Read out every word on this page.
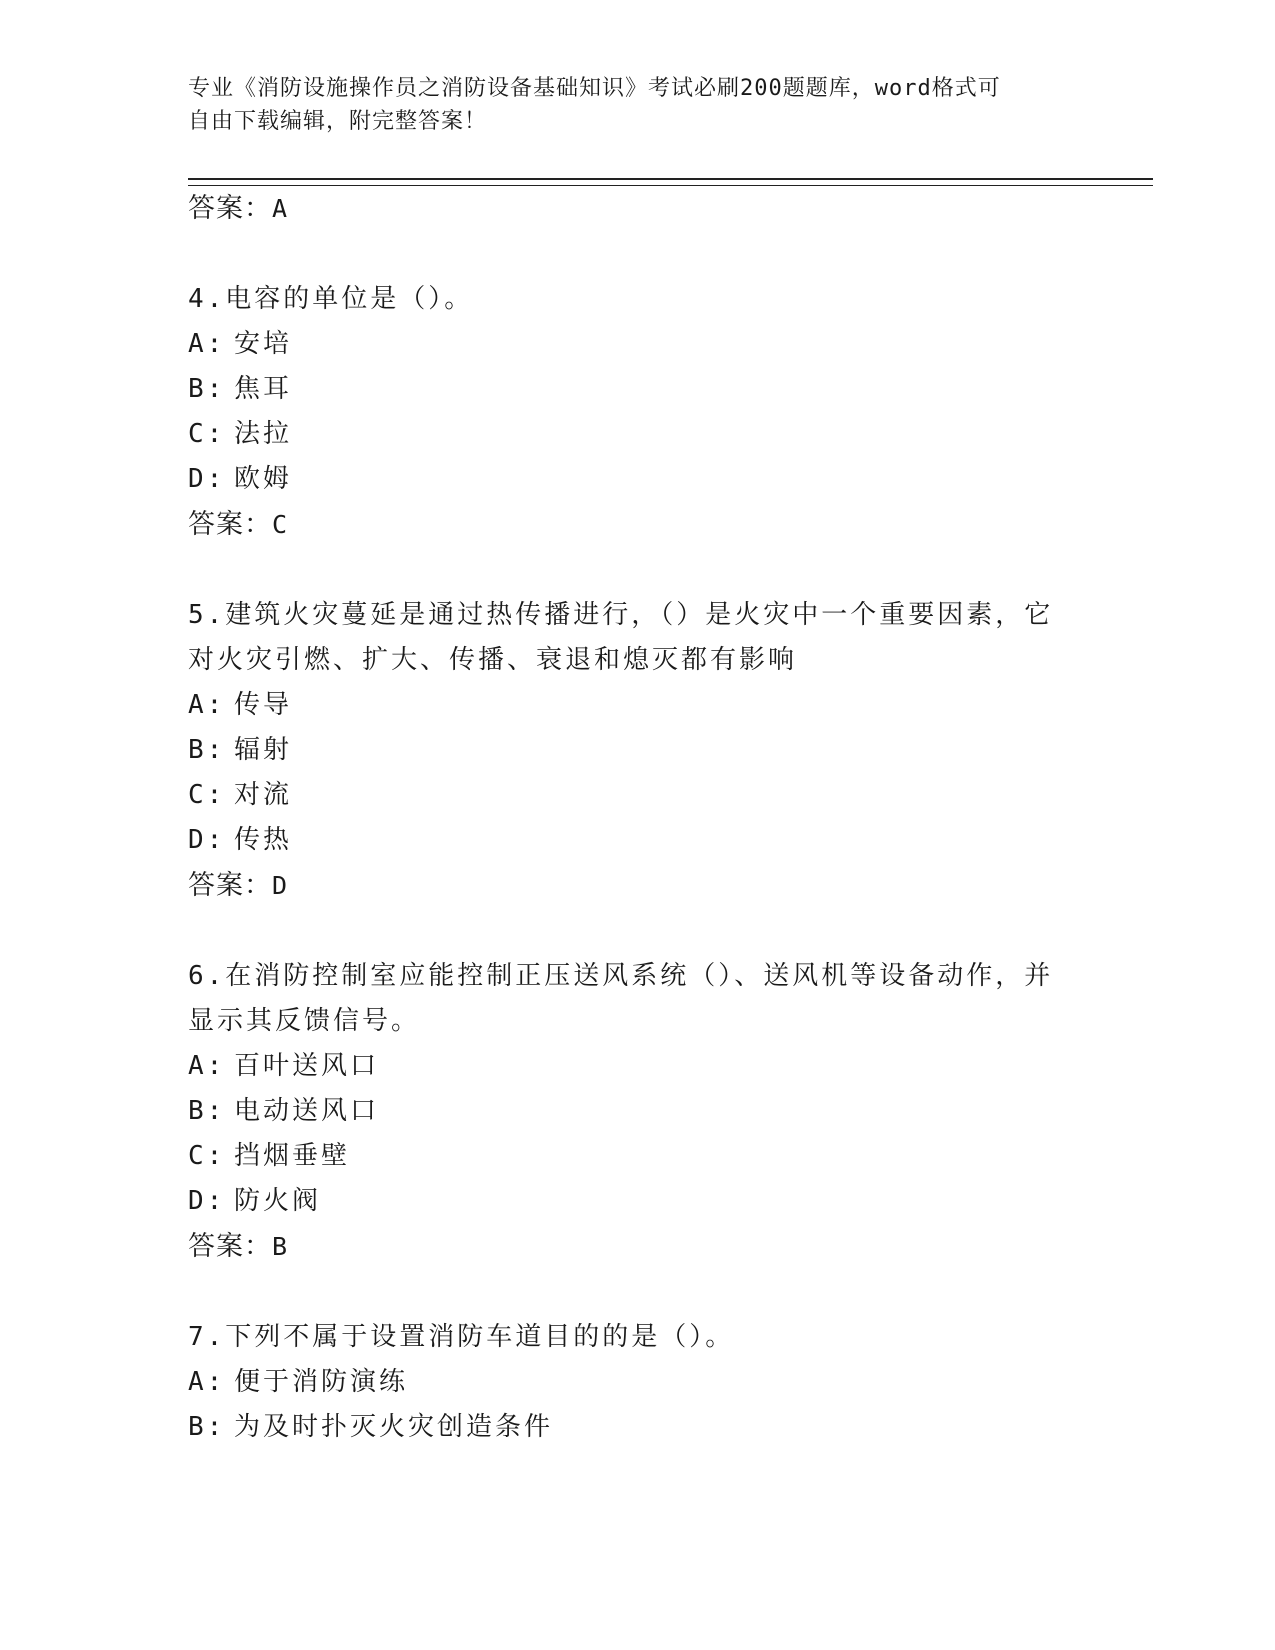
专业《消防设施操作员之消防设备基础知识》考试必刷200题题库，word格式可
自由下载编辑，附完整答案！
答案：A
4.电容的单位是（）。
A: 安培
B: 焦耳
C: 法拉
D: 欧姆
答案：C
5.建筑火灾蔓延是通过热传播进行，（）是火灾中一个重要因素，它
对火灾引燃、扩大、传播、衰退和熄灭都有影响
A: 传导
B: 辐射
C: 对流
D: 传热
答案：D
6.在消防控制室应能控制正压送风系统（）、送风机等设备动作，并
显示其反馈信号。
A: 百叶送风口
B: 电动送风口
C: 挡烟垂壁
D: 防火阀
答案：B
7.下列不属于设置消防车道目的的是（）。
A: 便于消防演练
B: 为及时扑灭火灾创造条件
